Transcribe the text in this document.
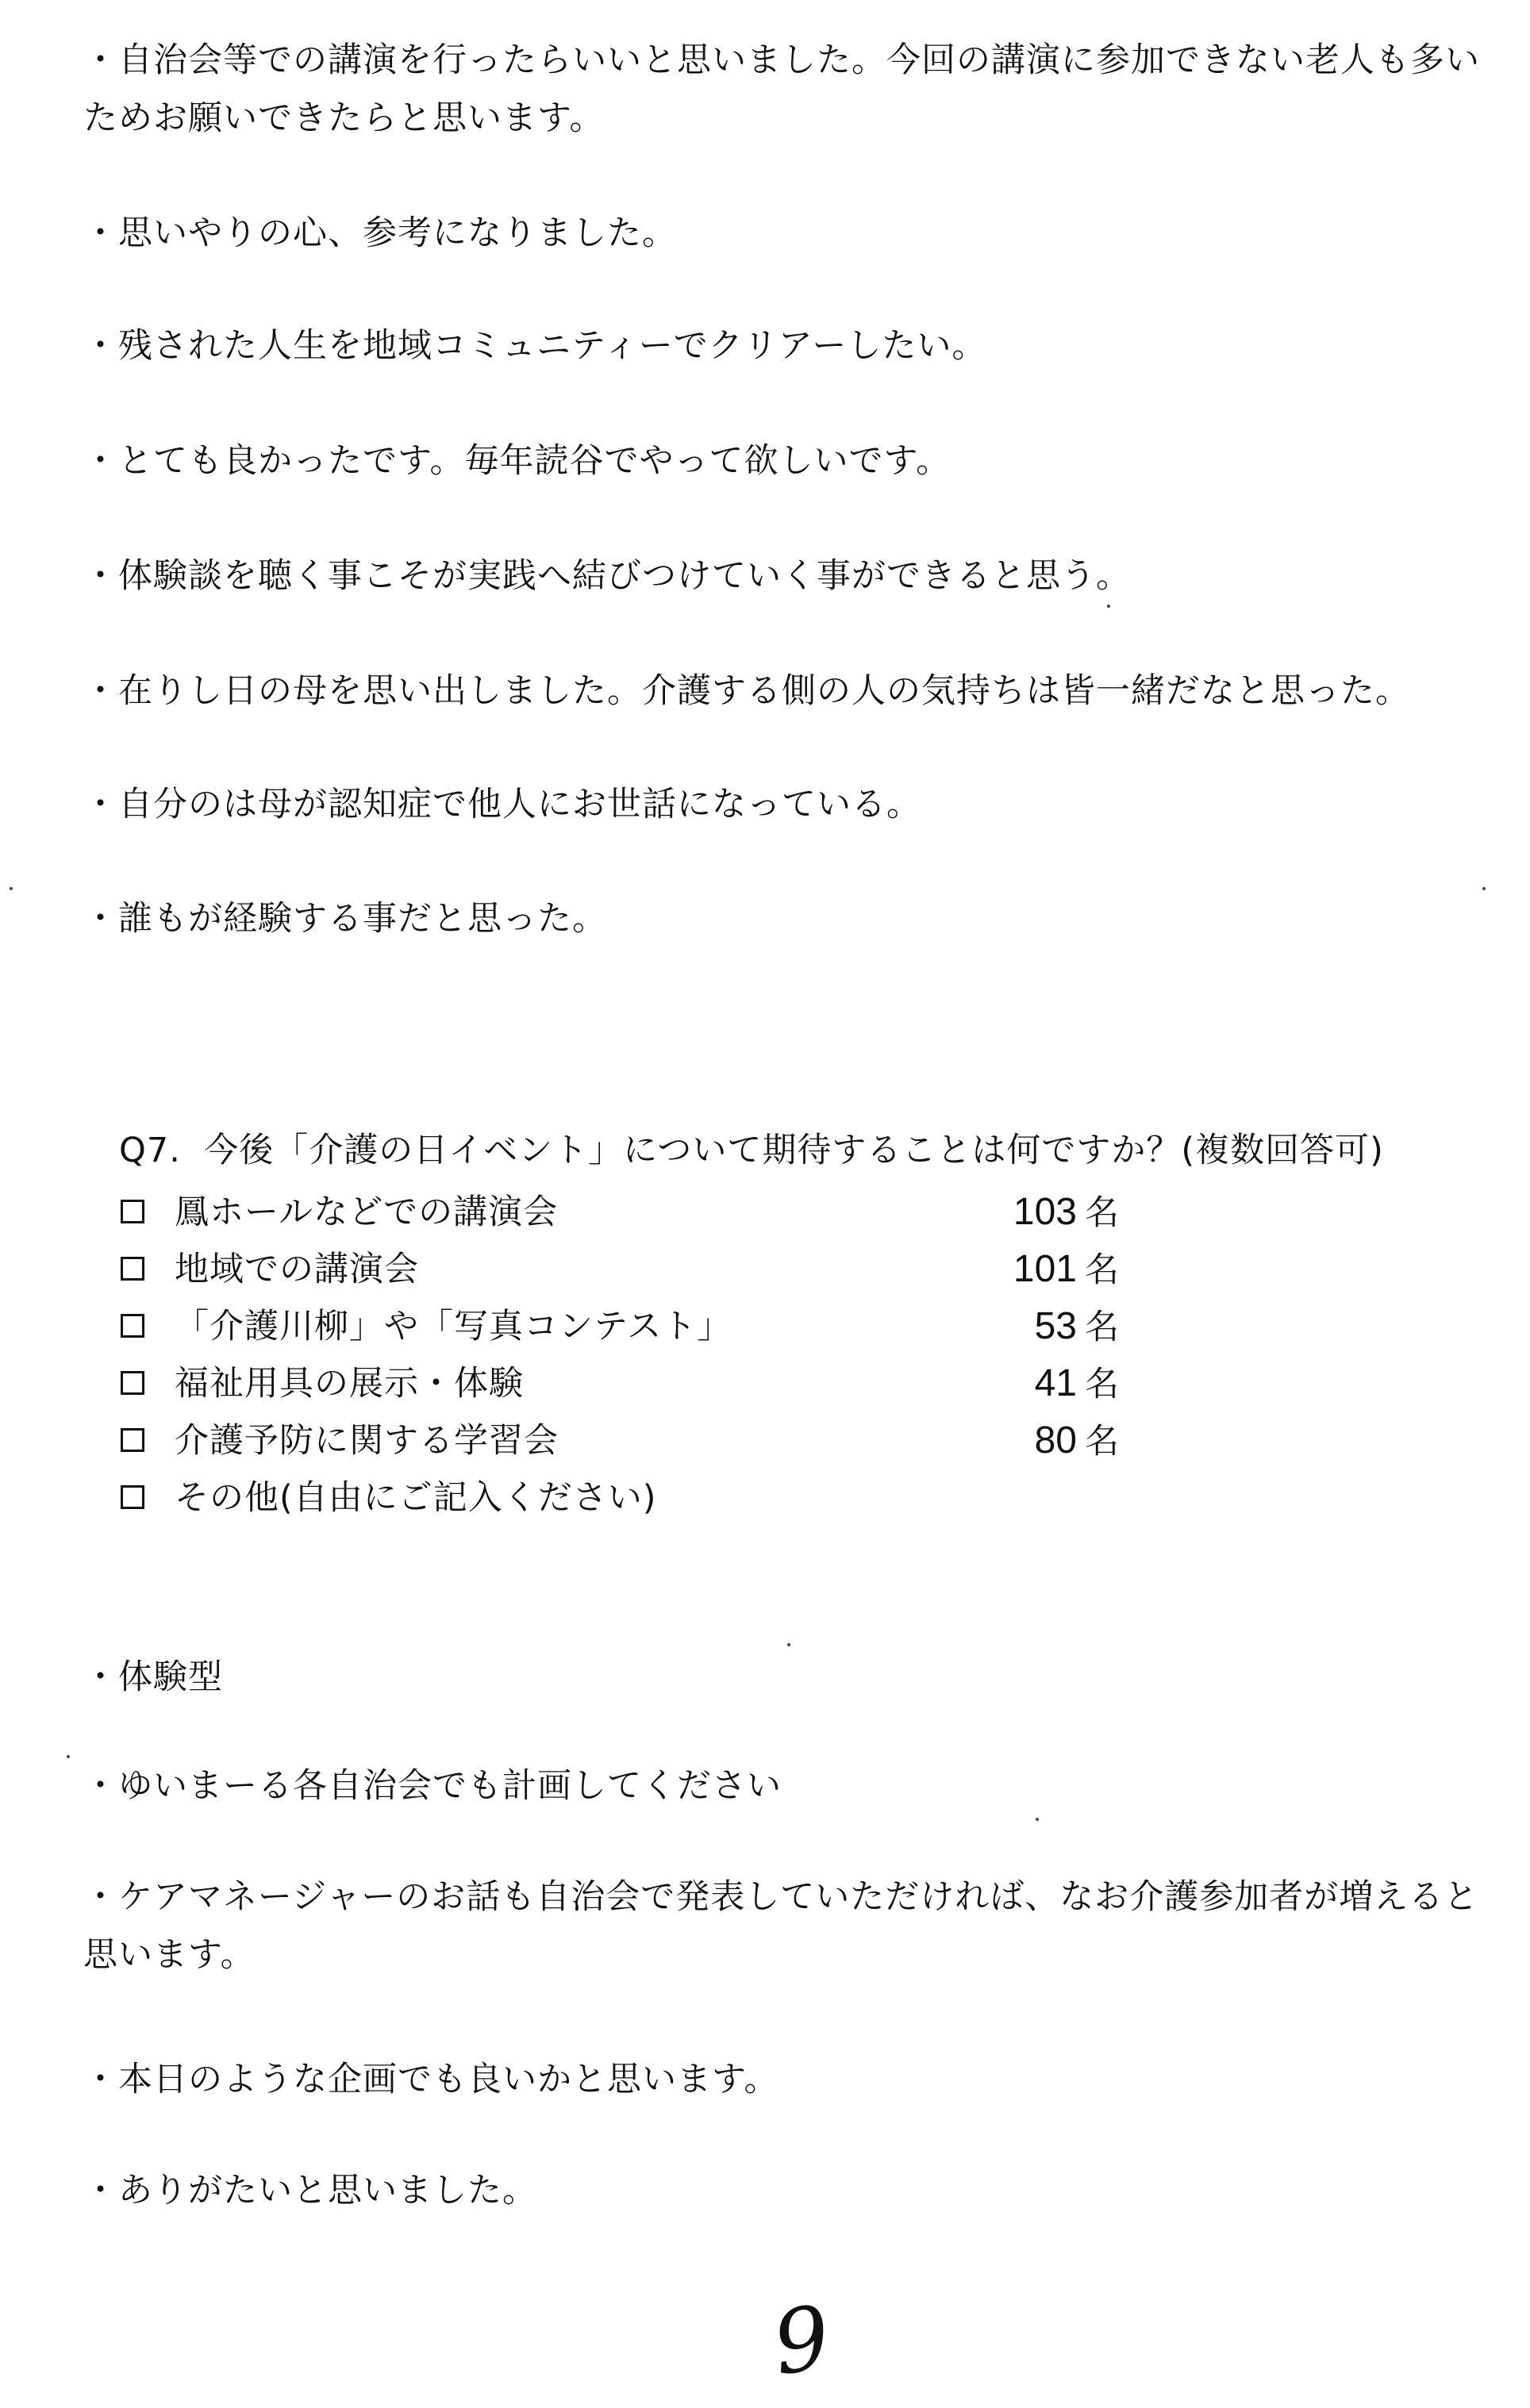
・自治会等での講演を行ったらいいと思いました。今回の講演に参加できない老人も多いためお願いできたらと思います。
・思いやりの心、参考になりました。
・残された人生を地域コミュニティーでクリアーしたい。
・とても良かったです。毎年読谷でやって欲しいです。
・体験談を聴く事こそが実践へ結びつけていく事ができると思う。
・在りし日の母を思い出しました。介護する側の人の気持ちは皆一緒だなと思った。
・自分のは母が認知症で他人にお世話になっている。
・誰もが経験する事だと思った。
Q7. 今後「介護の日イベント」について期待することは何ですか？(複数回答可)
鳳ホールなどでの講演会	103 名
地域での講演会	101 名
「介護川柳」や「写真コンテスト」	53 名
福祉用具の展示・体験	41 名
介護予防に関する学習会	80 名
その他(自由にご記入ください)
・体験型
・ゆいまーる各自治会でも計画してください
・ケアマネージャーのお話も自治会で発表していただければ、なお介護参加者が増えると思います。
・本日のような企画でも良いかと思います。
・ありがたいと思いました。
9
